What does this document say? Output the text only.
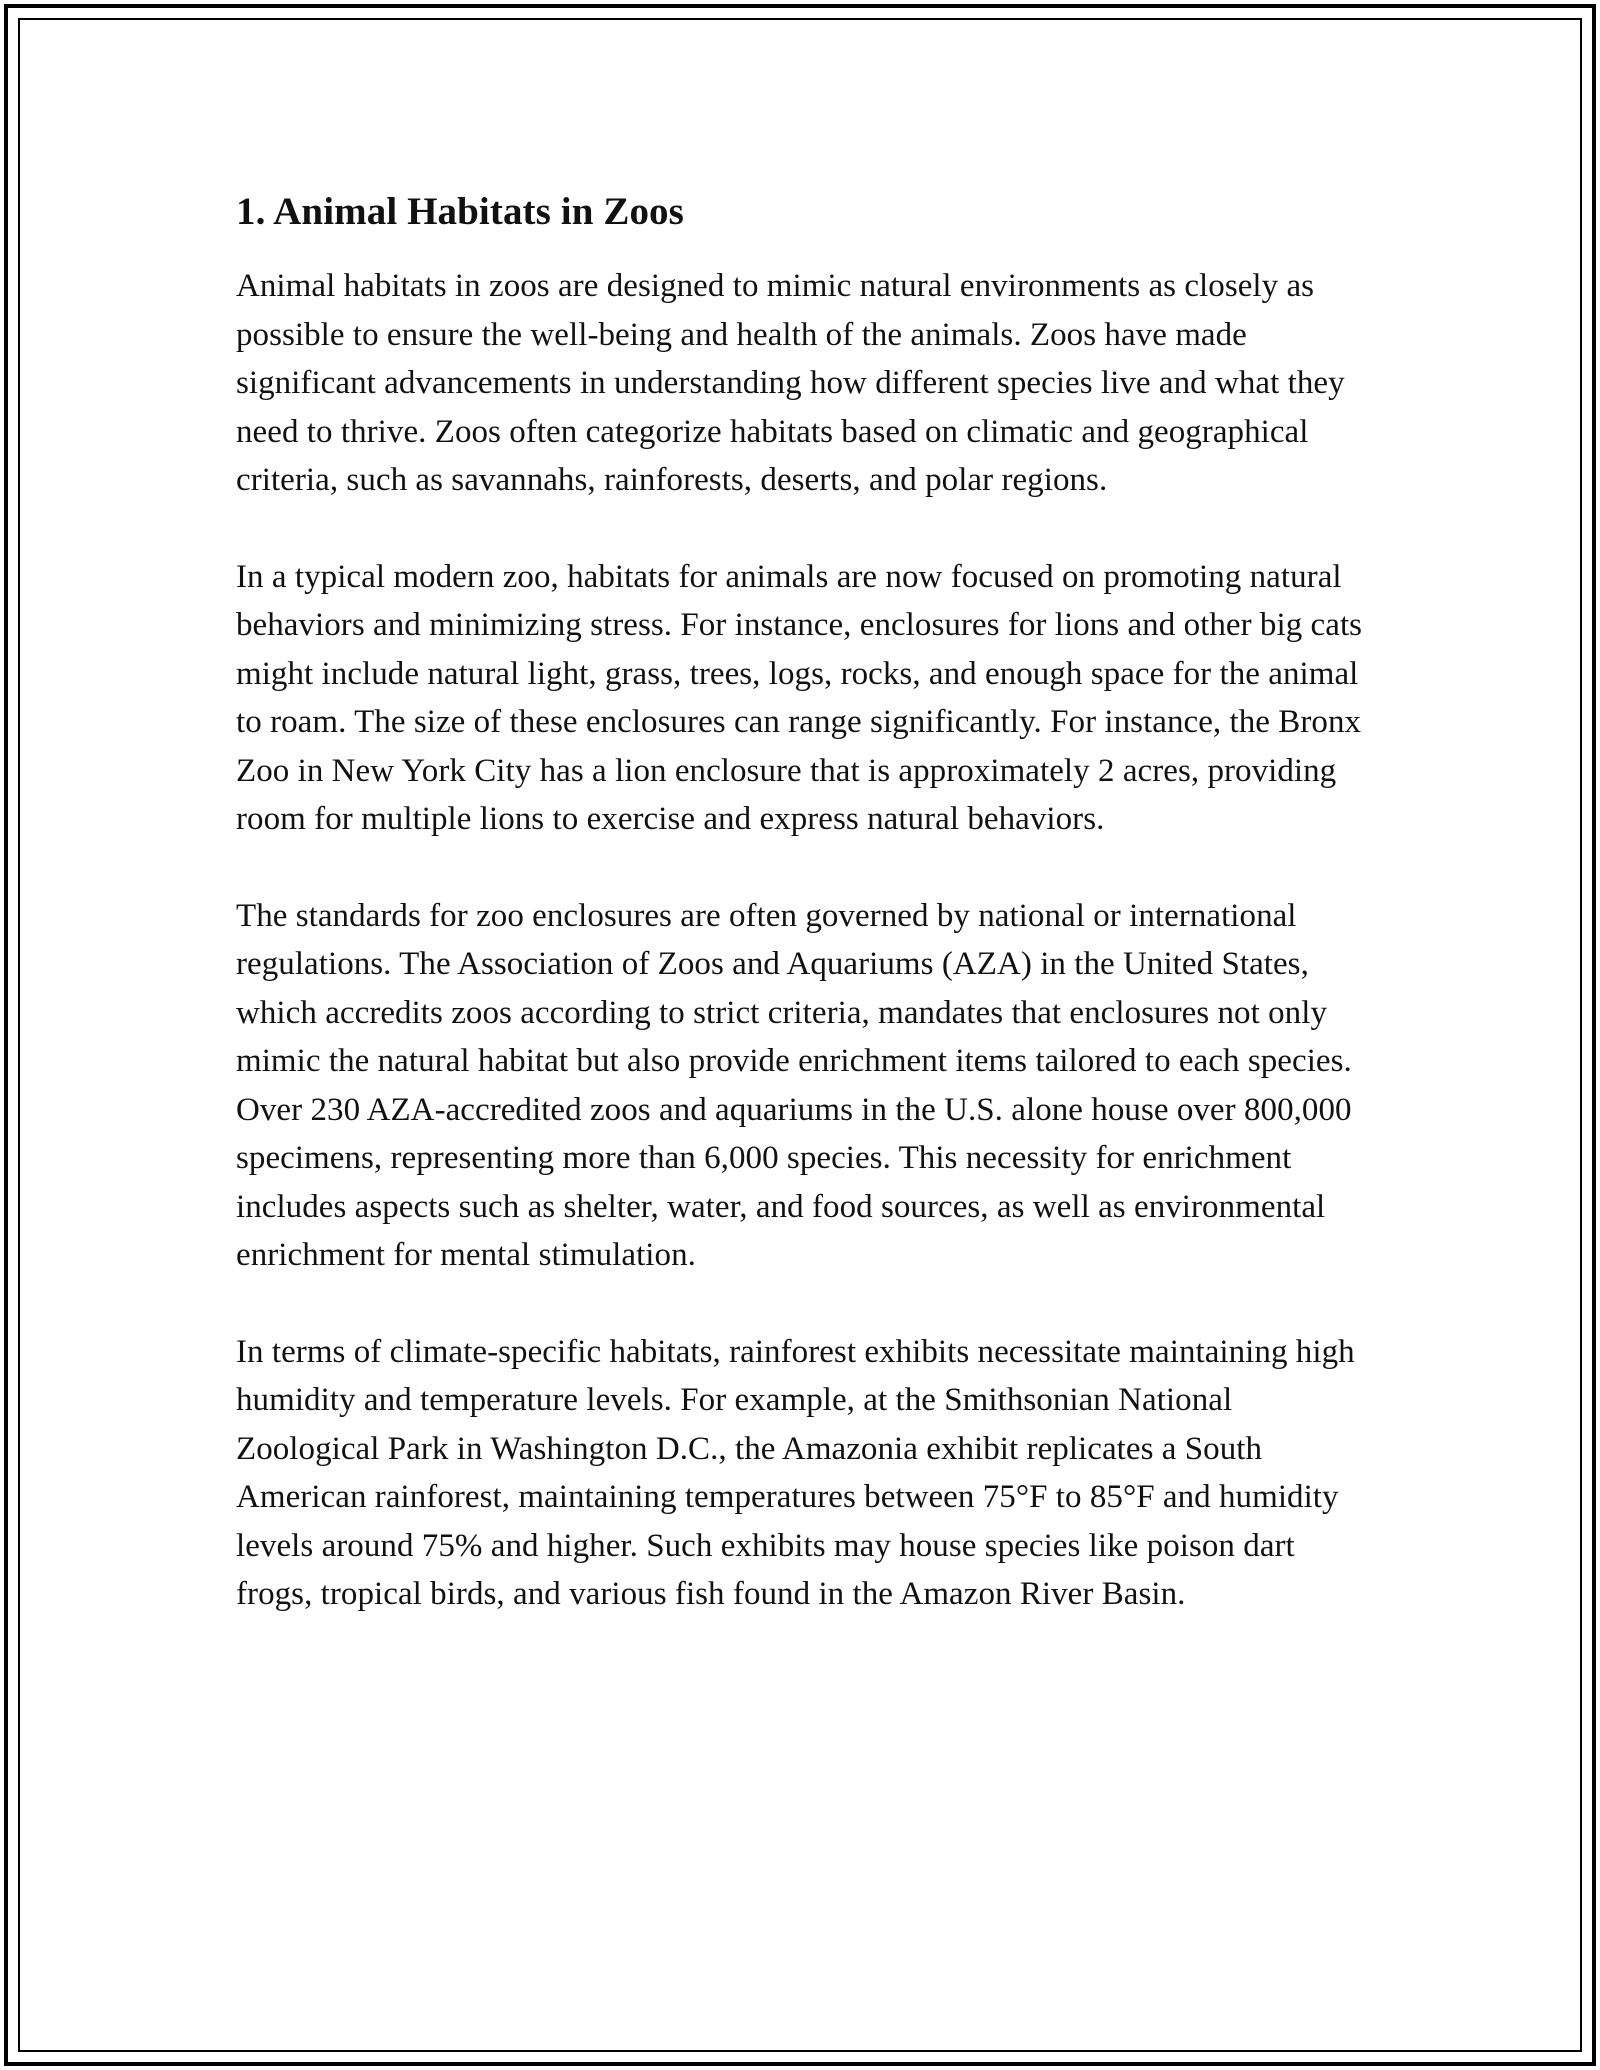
1. Animal Habitats in Zoos

Animal habitats in zoos are designed to mimic natural environments as closely as possible to ensure the well-being and health of the animals. Zoos have made significant advancements in understanding how different species live and what they need to thrive. Zoos often categorize habitats based on climatic and geographical criteria, such as savannahs, rainforests, deserts, and polar regions.

In a typical modern zoo, habitats for animals are now focused on promoting natural behaviors and minimizing stress. For instance, enclosures for lions and other big cats might include natural light, grass, trees, logs, rocks, and enough space for the animal to roam. The size of these enclosures can range significantly. For instance, the Bronx Zoo in New York City has a lion enclosure that is approximately 2 acres, providing room for multiple lions to exercise and express natural behaviors.

The standards for zoo enclosures are often governed by national or international regulations. The Association of Zoos and Aquariums (AZA) in the United States, which accredits zoos according to strict criteria, mandates that enclosures not only mimic the natural habitat but also provide enrichment items tailored to each species. Over 230 AZA-accredited zoos and aquariums in the U.S. alone house over 800,000 specimens, representing more than 6,000 species. This necessity for enrichment includes aspects such as shelter, water, and food sources, as well as environmental enrichment for mental stimulation.

In terms of climate-specific habitats, rainforest exhibits necessitate maintaining high humidity and temperature levels. For example, at the Smithsonian National Zoological Park in Washington D.C., the Amazonia exhibit replicates a South American rainforest, maintaining temperatures between 75°F to 85°F and humidity levels around 75% and higher. Such exhibits may house species like poison dart frogs, tropical birds, and various fish found in the Amazon River Basin.
